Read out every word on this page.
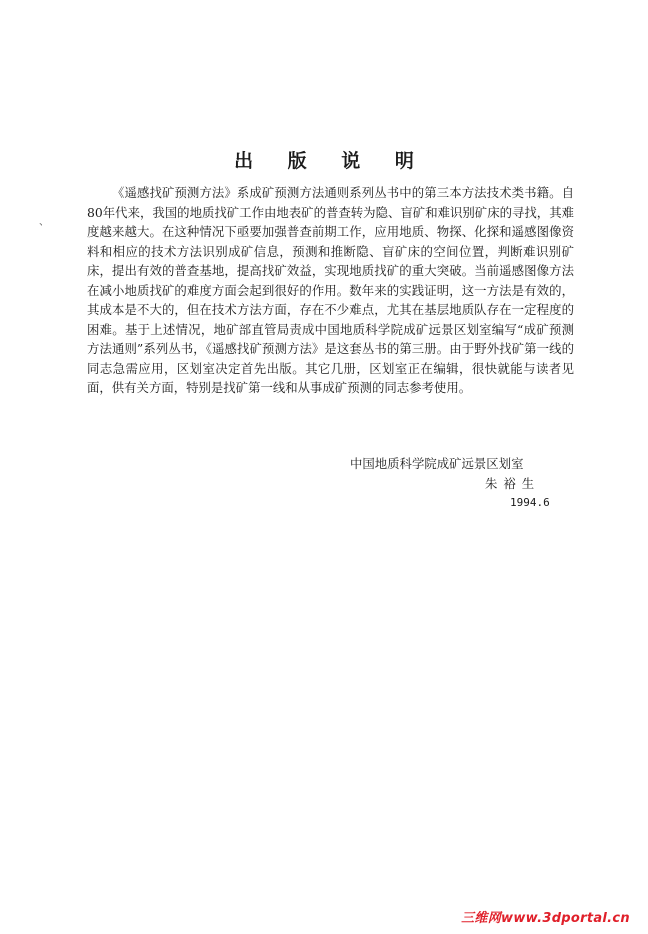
出 版 说 明
、

《遥感找矿预测方法》系成矿预测方法通则系列丛书中的第三本方法技术类书籍。自80年代来，我国的地质找矿工作由地表矿的普查转为隐、盲矿和难识别矿床的寻找，其难度越来越大。在这种情况下亟要加强普查前期工作，应用地质、物探、化探和遥感图像资料和相应的技术方法识别成矿信息，预测和推断隐、盲矿床的空间位置，判断难识别矿床，提出有效的普查基地，提高找矿效益，实现地质找矿的重大突破。当前遥感图像方法在减小地质找矿的难度方面会起到很好的作用。数年来的实践证明，这一方法是有效的，其成本是不大的，但在技术方法方面，存在不少难点，尤其在基层地质队存在一定程度的困难。基于上述情况，地矿部直管局责成中国地质科学院成矿远景区划室编写“成矿预测方法通则”系列丛书，《遥感找矿预测方法》是这套丛书的第三册。由于野外找矿第一线的同志急需应用，区划室决定首先出版。其它几册，区划室正在编辑，很快就能与读者见面，供有关方面，特别是找矿第一线和从事成矿预测的同志参考使用。

中国地质科学院成矿远景区划室
朱裕生
1994.6
三维网www.3dportal.cn
